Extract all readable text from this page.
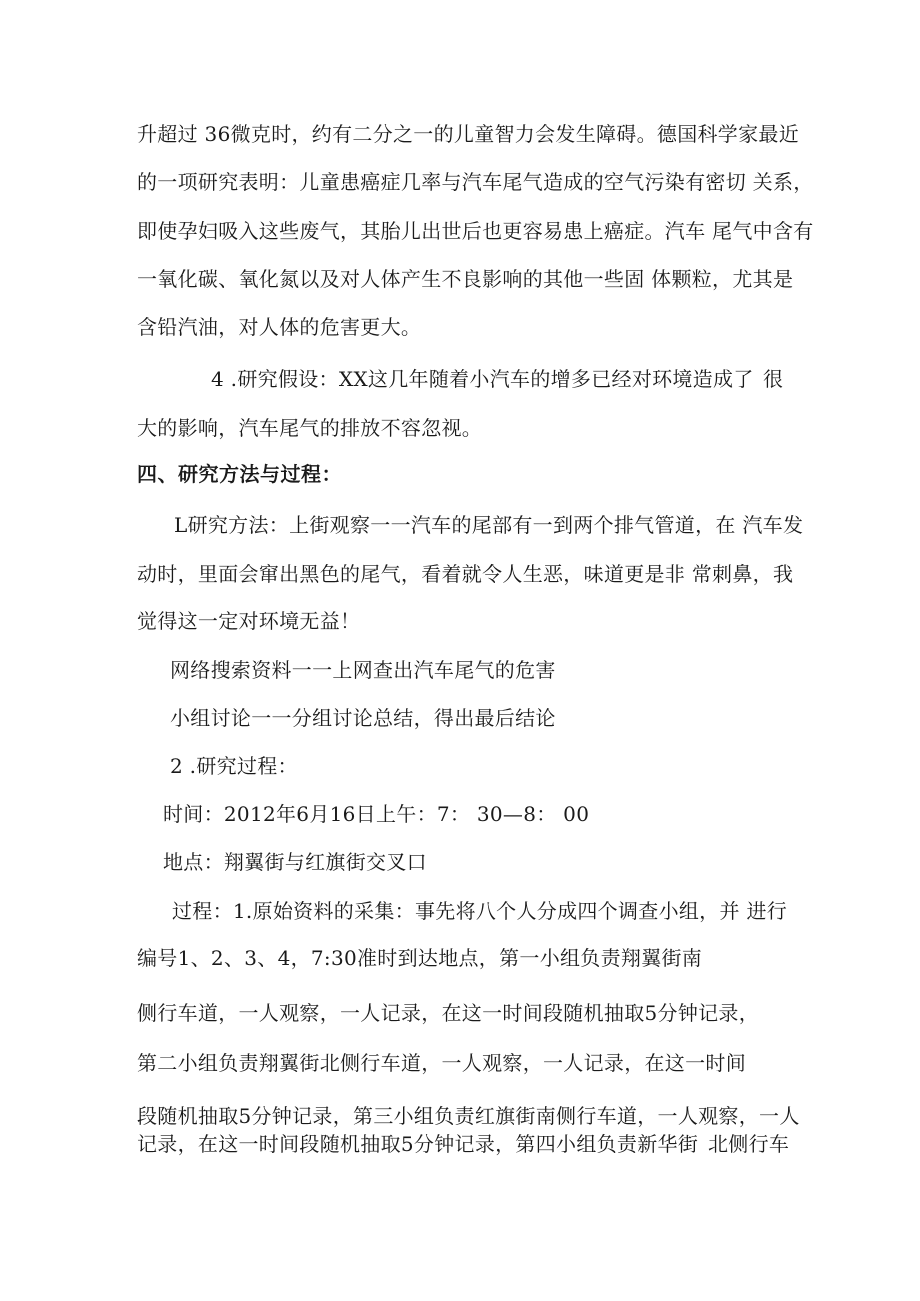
升超过 36微克时，约有二分之一的儿童智力会发生障碍。德国科学家最近
的一项研究表明：儿童患癌症几率与汽车尾气造成的空气污染有密切 关系，
即使孕妇吸入这些废气，其胎儿出世后也更容易患上癌症。汽车 尾气中含有
一氧化碳、氧化氮以及对人体产生不良影响的其他一些固 体颗粒，尤其是
含铅汽油，对人体的危害更大。
4 .研究假设：XX这几年随着小汽车的增多已经对环境造成了 很
大的影响，汽车尾气的排放不容忽视。
四、研究方法与过程：
L研究方法：上街观察一一汽车的尾部有一到两个排气管道，在 汽车发
动时，里面会窜出黑色的尾气，看着就令人生恶，味道更是非 常刺鼻，我
觉得这一定对环境无益！
网络搜索资料一一上网查出汽车尾气的危害
小组讨论一一分组讨论总结，得出最后结论
2 .研究过程：
时间：2012年6月16日上午：7： 30—8： 00
地点：翔翼街与红旗街交叉口
过程：1.原始资料的采集：事先将八个人分成四个调查小组，并 进行
编号1、2、3、4，7:30准时到达地点，第一小组负责翔翼街南
侧行车道，一人观察，一人记录，在这一时间段随机抽取5分钟记录，
第二小组负责翔翼街北侧行车道，一人观察，一人记录，在这一时间
段随机抽取5分钟记录，第三小组负责红旗街南侧行车道，一人观察，一人
记录，在这一时间段随机抽取5分钟记录，第四小组负责新华街 北侧行车
